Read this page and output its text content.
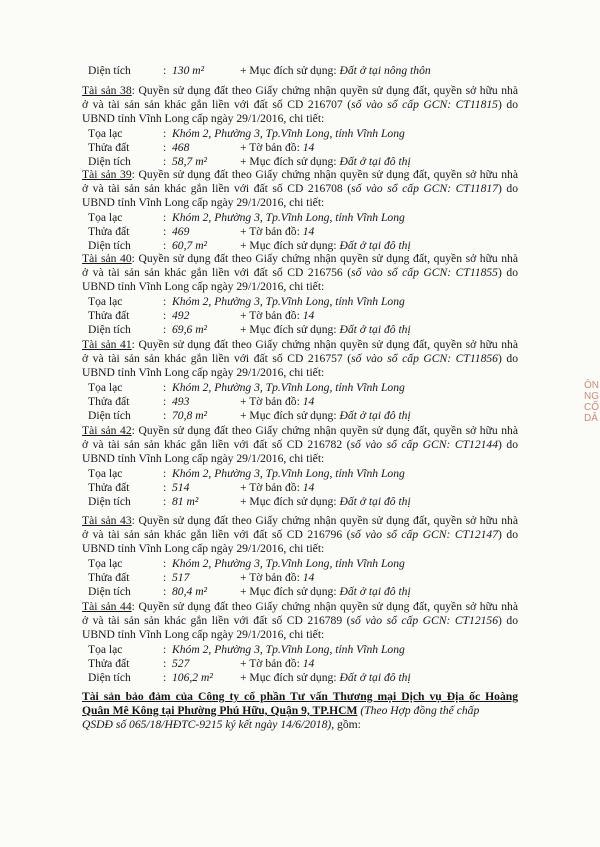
Diện tích	: 130 m²	+ Mục đích sử dụng: Đất ở tại nông thôn
Tài sản 38: Quyền sử dụng đất theo Giấy chứng nhận quyền sử dụng đất, quyền sở hữu nhà
ở và tài sản sản khác gắn liền với đất số CD 216707 (số vào sổ cấp GCN: CT11815) do
UBND tỉnh Vĩnh Long cấp ngày 29/1/2016, chi tiết:
Tọa lạc	: Khóm 2, Phường 3, Tp.Vĩnh Long, tỉnh Vĩnh Long
Thửa đất	: 468	+ Tờ bản đồ: 14
Diện tích	: 58,7 m²	+ Mục đích sử dụng: Đất ở tại đô thị
Tài sản 39: Quyền sử dụng đất theo Giấy chứng nhận quyền sử dụng đất, quyền sở hữu nhà
ở và tài sản sản khác gắn liền với đất số CD 216708 (số vào sổ cấp GCN: CT11817) do
UBND tỉnh Vĩnh Long cấp ngày 29/1/2016, chi tiết:
Tọa lạc	: Khóm 2, Phường 3, Tp.Vĩnh Long, tỉnh Vĩnh Long
Thửa đất	: 469	+ Tờ bản đồ: 14
Diện tích	: 60,7 m²	+ Mục đích sử dụng: Đất ở tại đô thị
Tài sản 40: Quyền sử dụng đất theo Giấy chứng nhận quyền sử dụng đất, quyền sở hữu nhà
ở và tài sản sản khác gắn liền với đất số CD 216756 (số vào sổ cấp GCN: CT11855) do
UBND tỉnh Vĩnh Long cấp ngày 29/1/2016, chi tiết:
Tọa lạc	: Khóm 2, Phường 3, Tp.Vĩnh Long, tỉnh Vĩnh Long
Thửa đất	: 492	+ Tờ bản đồ: 14
Diện tích	: 69,6 m²	+ Mục đích sử dụng: Đất ở tại đô thị
Tài sản 41: Quyền sử dụng đất theo Giấy chứng nhận quyền sử dụng đất, quyền sở hữu nhà
ở và tài sản sản khác gắn liền với đất số CD 216757 (số vào sổ cấp GCN: CT11856) do
UBND tỉnh Vĩnh Long cấp ngày 29/1/2016, chi tiết:
Tọa lạc	: Khóm 2, Phường 3, Tp.Vĩnh Long, tỉnh Vĩnh Long
Thửa đất	: 493	+ Tờ bản đồ: 14
Diện tích	: 70,8 m²	+ Mục đích sử dụng: Đất ở tại đô thị
Tài sản 42: Quyền sử dụng đất theo Giấy chứng nhận quyền sử dụng đất, quyền sở hữu nhà
ở và tài sản sản khác gắn liền với đất số CD 216782 (số vào sổ cấp GCN: CT12144) do
UBND tỉnh Vĩnh Long cấp ngày 29/1/2016, chi tiết:
Tọa lạc	: Khóm 2, Phường 3, Tp.Vĩnh Long, tỉnh Vĩnh Long
Thửa đất	: 514	+ Tờ bản đồ: 14
Diện tích	: 81 m²	+ Mục đích sử dụng: Đất ở tại đô thị
Tài sản 43: Quyền sử dụng đất theo Giấy chứng nhận quyền sử dụng đất, quyền sở hữu nhà
ở và tài sản sản khác gắn liền với đất số CD 216796 (số vào sổ cấp GCN: CT12147) do
UBND tỉnh Vĩnh Long cấp ngày 29/1/2016, chi tiết:
Tọa lạc	: Khóm 2, Phường 3, Tp.Vĩnh Long, tỉnh Vĩnh Long
Thửa đất	: 517	+ Tờ bản đồ: 14
Diện tích	: 80,4 m²	+ Mục đích sử dụng: Đất ở tại đô thị
Tài sản 44: Quyền sử dụng đất theo Giấy chứng nhận quyền sử dụng đất, quyền sở hữu nhà
ở và tài sản sản khác gắn liền với đất số CD 216789 (số vào sổ cấp GCN: CT12156) do
UBND tỉnh Vĩnh Long cấp ngày 29/1/2016, chi tiết:
Tọa lạc	: Khóm 2, Phường 3, Tp.Vĩnh Long, tỉnh Vĩnh Long
Thửa đất	: 527	+ Tờ bản đồ: 14
Diện tích	: 106,2 m² + Mục đích sử dụng: Đất ở tại đô thị
Tài sản bảo đảm của Công ty cổ phần Tư vấn Thương mại Dịch vụ Địa ốc Hoàng
Quân Mê Kông tại Phường Phú Hữu, Quận 9, TP.HCM (Theo Hợp đồng thế chấp
QSDĐ số 065/18/HĐTC-9215 ký kết ngày 14/6/2018), gồm:
ÔN
NG
CỐ
DÂ
